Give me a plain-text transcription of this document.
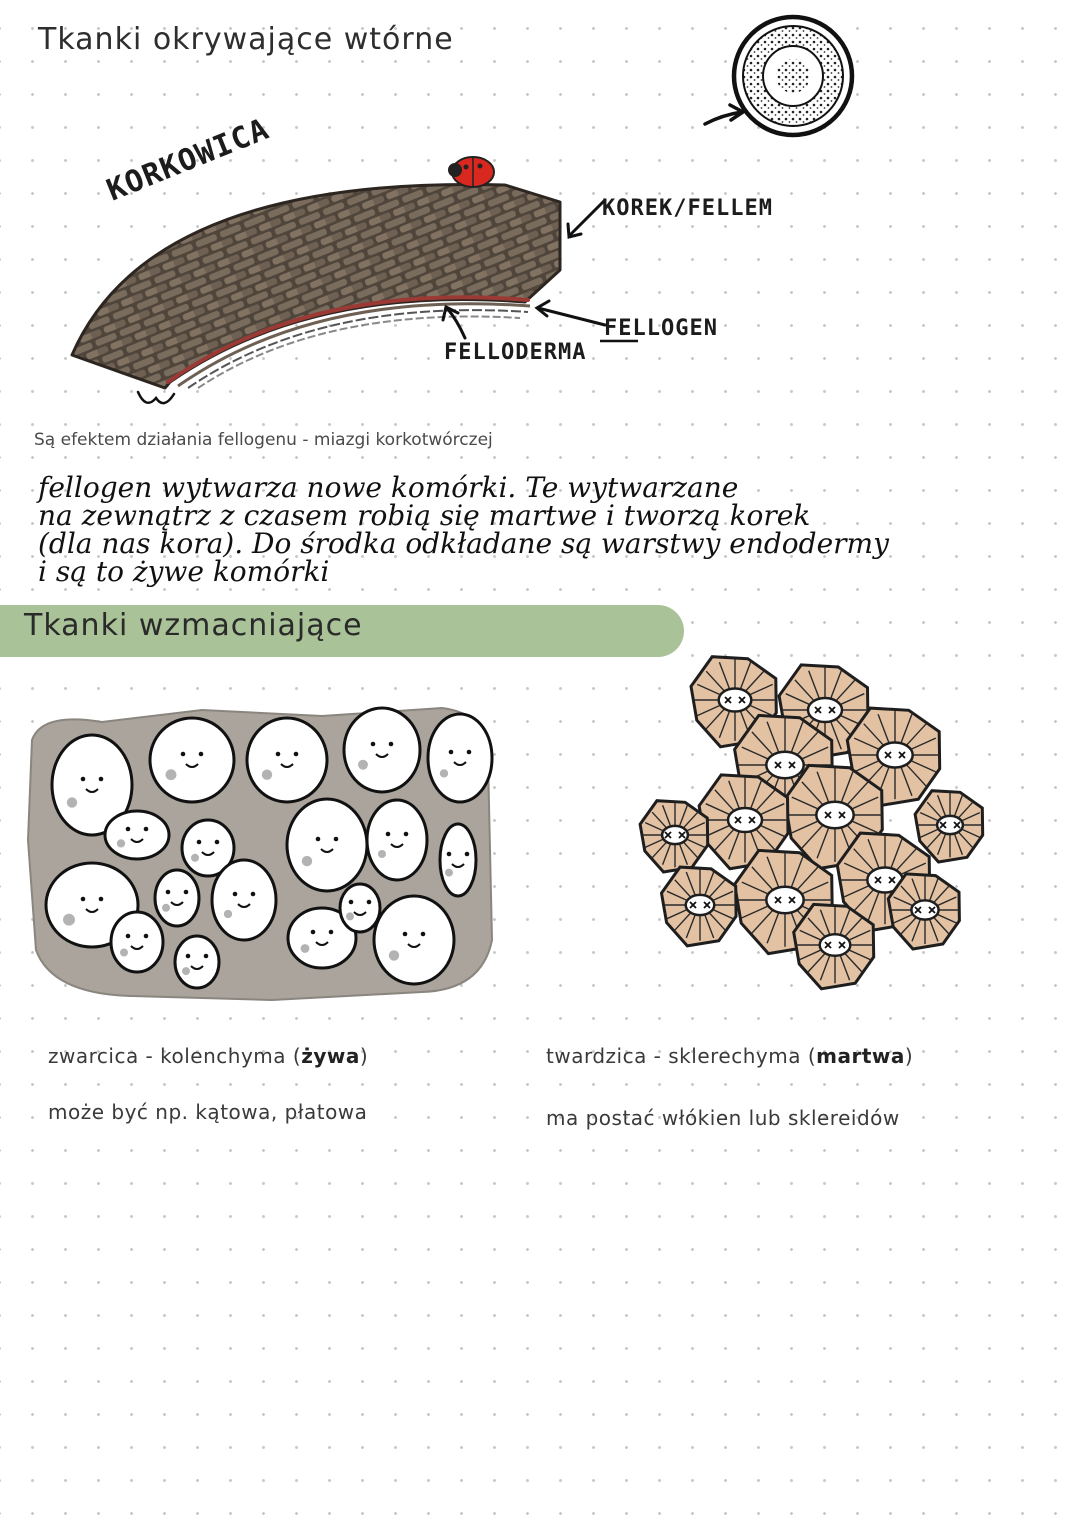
Tkanki okrywające wtórne
KORKOWICA
KOREK/FELLEM
FELLOGEN
FELLODERMA
Są efektem działania fellogenu - miazgi korkotwórczej
fellogen wytwarza nowe komórki. Te wytwarzane
na zewnątrz z czasem robią się martwe i tworzą korek
(dla nas kora). Do środka odkładane są warstwy endodermy
i są to żywe komórki
Tkanki wzmacniające
zwarcica - kolenchyma (żywa)
może być np. kątowa, płatowa
twardzica - sklerechyma (martwa)
ma postać włókien lub sklereidów
